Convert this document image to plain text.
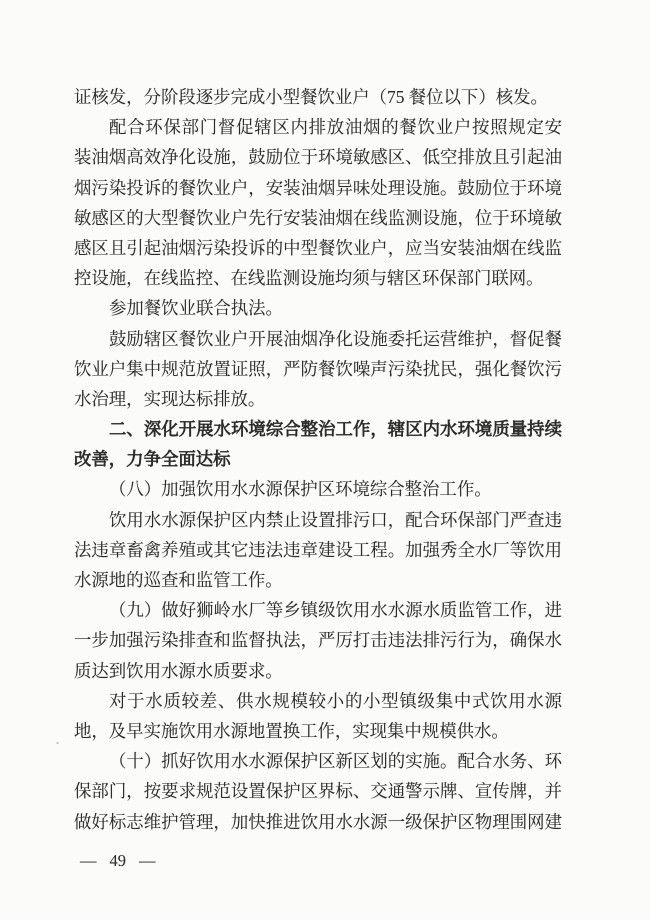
证核发，分阶段逐步完成小型餐饮业户（75 餐位以下）核发。
配合环保部门督促辖区内排放油烟的餐饮业户按照规定安
装油烟高效净化设施，鼓励位于环境敏感区、低空排放且引起油
烟污染投诉的餐饮业户，安装油烟异味处理设施。鼓励位于环境
敏感区的大型餐饮业户先行安装油烟在线监测设施，位于环境敏
感区且引起油烟污染投诉的中型餐饮业户，应当安装油烟在线监
控设施，在线监控、在线监测设施均须与辖区环保部门联网。
参加餐饮业联合执法。
鼓励辖区餐饮业户开展油烟净化设施委托运营维护，督促餐
饮业户集中规范放置证照，严防餐饮噪声污染扰民，强化餐饮污
水治理，实现达标排放。
二、深化开展水环境综合整治工作，辖区内水环境质量持续
改善，力争全面达标
（八）加强饮用水水源保护区环境综合整治工作。
饮用水水源保护区内禁止设置排污口，配合环保部门严查违
法违章畜禽养殖或其它违法违章建设工程。加强秀全水厂等饮用
水源地的巡查和监管工作。
（九）做好狮岭水厂等乡镇级饮用水水源水质监管工作，进
一步加强污染排查和监督执法，严厉打击违法排污行为，确保水
质达到饮用水源水质要求。
对于水质较差、供水规模较小的小型镇级集中式饮用水源
地，及早实施饮用水源地置换工作，实现集中规模供水。
（十）抓好饮用水水源保护区新区划的实施。配合水务、环
保部门，按要求规范设置保护区界标、交通警示牌、宣传牌，并
做好标志维护管理，加快推进饮用水水源一级保护区物理围网建
— 49 —
